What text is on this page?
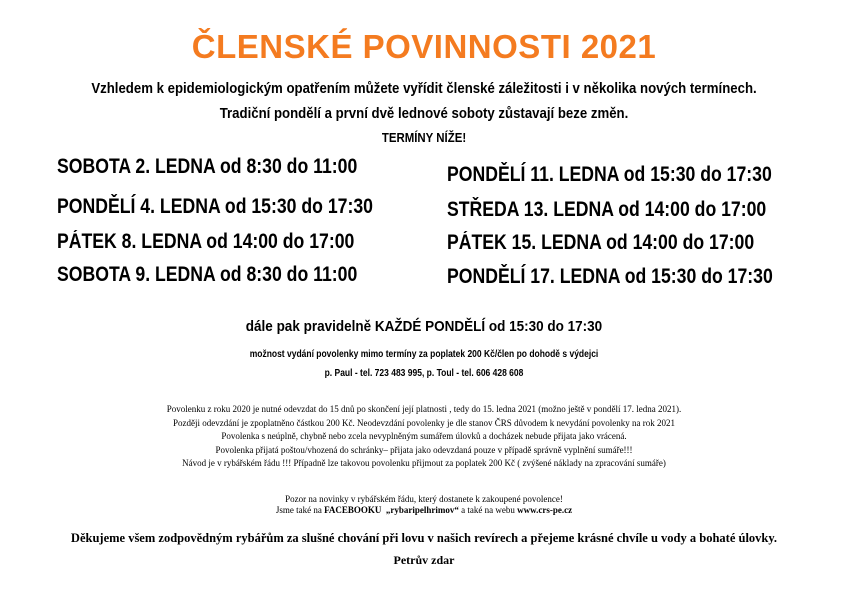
ČLENSKÉ POVINNOSTI 2021
Vzhledem k epidemiologickým opatřením můžete vyřídit členské záležitosti i v několika nových termínech.
Tradiční pondělí a první dvě lednové soboty zůstavají beze změn.
TERMÍNY NÍŽE!
SOBOTA 2. LEDNA od 8:30 do 11:00
PONDĚLÍ 4. LEDNA od 15:30 do 17:30
PÁTEK 8. LEDNA od 14:00 do 17:00
SOBOTA 9. LEDNA od 8:30 do 11:00
PONDĚLÍ 11. LEDNA od 15:30 do 17:30
STŘEDA 13. LEDNA od 14:00 do 17:00
PÁTEK 15. LEDNA od 14:00 do 17:00
PONDĚLÍ 17. LEDNA od 15:30 do 17:30
dále pak pravidelně KAŽDÉ PONDĚLÍ od 15:30 do 17:30
možnost vydání povolenky mimo termíny za poplatek 200 Kč/člen po dohodě s výdejci
p. Paul - tel. 723 483 995, p. Toul - tel. 606 428 608
Povolenku z roku 2020 je nutné odevzdat do 15 dnů po skončení její platnosti , tedy do 15. ledna 2021 (možno ještě v pondělí 17. ledna 2021).
Později odevzdání je zpoplatněno částkou 200 Kč. Neodevzdání povolenky je dle stanov ČRS důvodem k nevydání povolenky na rok 2021
Povolenka s neúplně, chybně nebo zcela nevyplněným sumářem úlovků a docházek nebude přijata jako vrácená.
Povolenka přijatá poštou/vhozená do schránky– přijata jako odevzdaná pouze v případě správně vyplnění sumáře!!!
Návod je v rybářském řádu !!! Případně lze takovou povolenku přijmout za poplatek 200 Kč ( zvýšené náklady na zpracování sumáře)
Pozor na novinky v rybářském řádu, který dostanete k zakoupené povolence!
Jsme také na FACEBOOKU „rybaripelhrimov“ a také na webu www.crs-pe.cz
Děkujeme všem zodpovědným rybářům za slušné chování při lovu v našich revírech a přejeme krásné chvíle u vody a bohaté úlovky.
Petrův zdar
